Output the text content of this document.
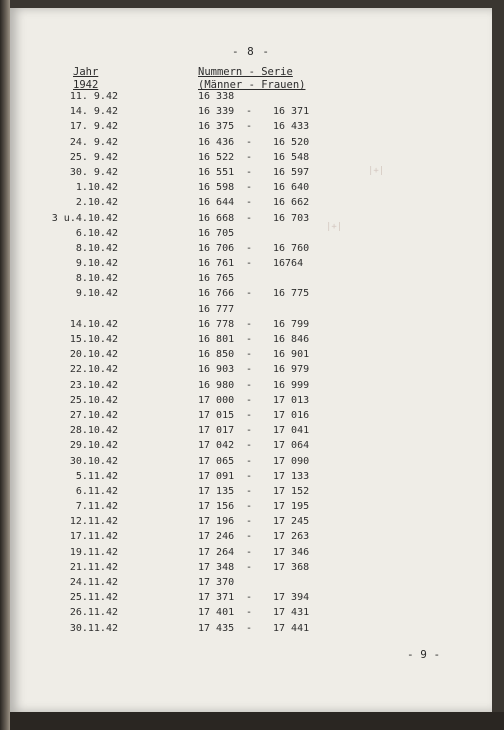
- 8 -
Jahr
1942
Nummern - Serie
(Männer - Frauen)
|+|
|+|
11. 9.42	16 338
14. 9.42	16 339 - 16 371
17. 9.42	16 375 - 16 433
24. 9.42	16 436 - 16 520
25. 9.42	16 522 - 16 548
30. 9.42	16 551 - 16 597
1.10.42	16 598 - 16 640
2.10.42	16 644 - 16 662
3 u.4.10.42	16 668 - 16 703
6.10.42	16 705
8.10.42	16 706 - 16 760
9.10.42	16 761 - 16764
8.10.42	16 765
9.10.42	16 766 - 16 775
16 777
14.10.42	16 778 - 16 799
15.10.42	16 801 - 16 846
20.10.42	16 850 - 16 901
22.10.42	16 903 - 16 979
23.10.42	16 980 - 16 999
25.10.42	17 000 - 17 013
27.10.42	17 015 - 17 016
28.10.42	17 017 - 17 041
29.10.42	17 042 - 17 064
30.10.42	17 065 - 17 090
5.11.42	17 091 - 17 133
6.11.42	17 135 - 17 152
7.11.42	17 156 - 17 195
12.11.42	17 196 - 17 245
17.11.42	17 246 - 17 263
19.11.42	17 264 - 17 346
21.11.42	17 348 - 17 368
24.11.42	17 370
25.11.42	17 371 - 17 394
26.11.42	17 401 - 17 431
30.11.42	17 435 - 17 441
- 9 -
